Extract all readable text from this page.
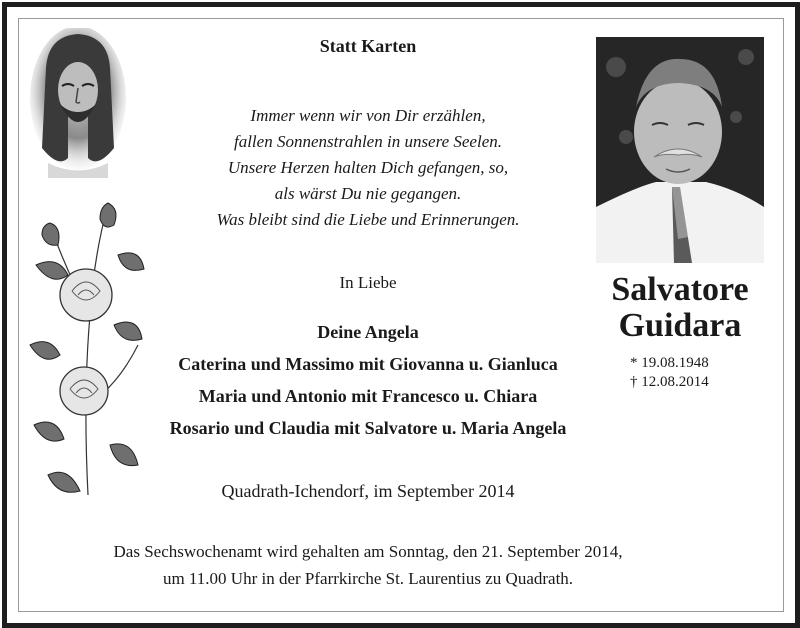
Statt Karten
Immer wenn wir von Dir erzählen,
fallen Sonnenstrahlen in unsere Seelen.
Unsere Herzen halten Dich gefangen, so,
als wärst Du nie gegangen.
Was bleibt sind die Liebe und Erinnerungen.
In Liebe
Deine Angela
Caterina und Massimo mit Giovanna u. Gianluca
Maria und Antonio mit Francesco u. Chiara
Rosario und Claudia mit Salvatore u. Maria Angela
Quadrath-Ichendorf, im September 2014
Das Sechswochenamt wird gehalten am Sonntag, den 21. September 2014,
um 11.00 Uhr in der Pfarrkirche St. Laurentius zu Quadrath.
Salvatore
Guidara
* 19.08.1948
† 12.08.2014
